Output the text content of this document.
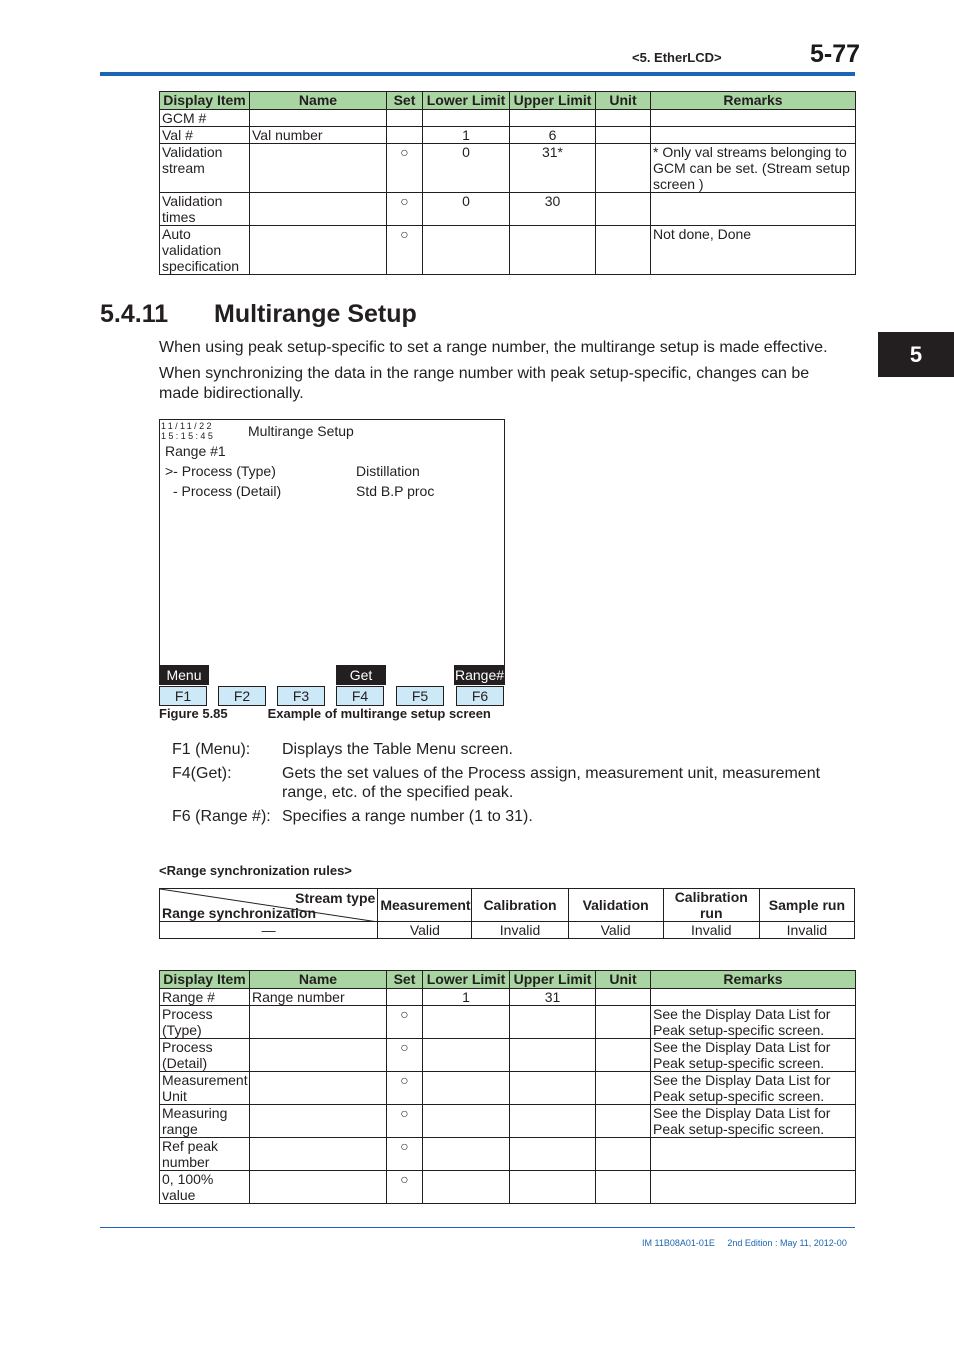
<5. EtherLCD>	5-77
5
Display Item	Name	Set	Lower Limit	Upper Limit	Unit	Remarks
GCM #						
Val #	Val number		1	6		
Validation stream		○	0	31*		* Only val streams belonging to GCM can be set. (Stream setup screen )
Validation times		○	0	30		
Auto validation specification		○				Not done, Done
5.4.11 Multirange Setup
When using peak setup-specific to set a range number, the multirange setup is made effective.
When synchronizing the data in the range number with peak setup-specific, changes can be made bidirectionally.
11/11/22
15:15:45 Multirange Setup
Range #1
>- Process (Type)	Distillation
- Process (Detail)	Std B.P proc
Menu	Get	Range#
F1	F2	F3	F4	F5	F6
Figure 5.85	Example of multirange setup screen
F1 (Menu): Displays the Table Menu screen.
F4(Get):	Gets the set values of the Process assign, measurement unit, measurement range, etc. of the specified peak.
F6 (Range #): Specifies a range number (1 to 31).
<Range synchronization rules>
Stream type
Range synchronization	Measurement	Calibration	Validation	Calibration run	Sample run
—	Valid	Invalid	Valid	Invalid	Invalid
Display Item	Name	Set	Lower Limit	Upper Limit	Unit	Remarks
Range #	Range number		1	31		
Process (Type)		○				See the Display Data List for Peak setup-specific screen.
Process (Detail)		○				See the Display Data List for Peak setup-specific screen.
Measurement Unit		○				See the Display Data List for Peak setup-specific screen.
Measuring range		○				See the Display Data List for Peak setup-specific screen.
Ref peak number		○				
0, 100% value		○				
IM 11B08A01-01E 2nd Edition : May 11, 2012-00
